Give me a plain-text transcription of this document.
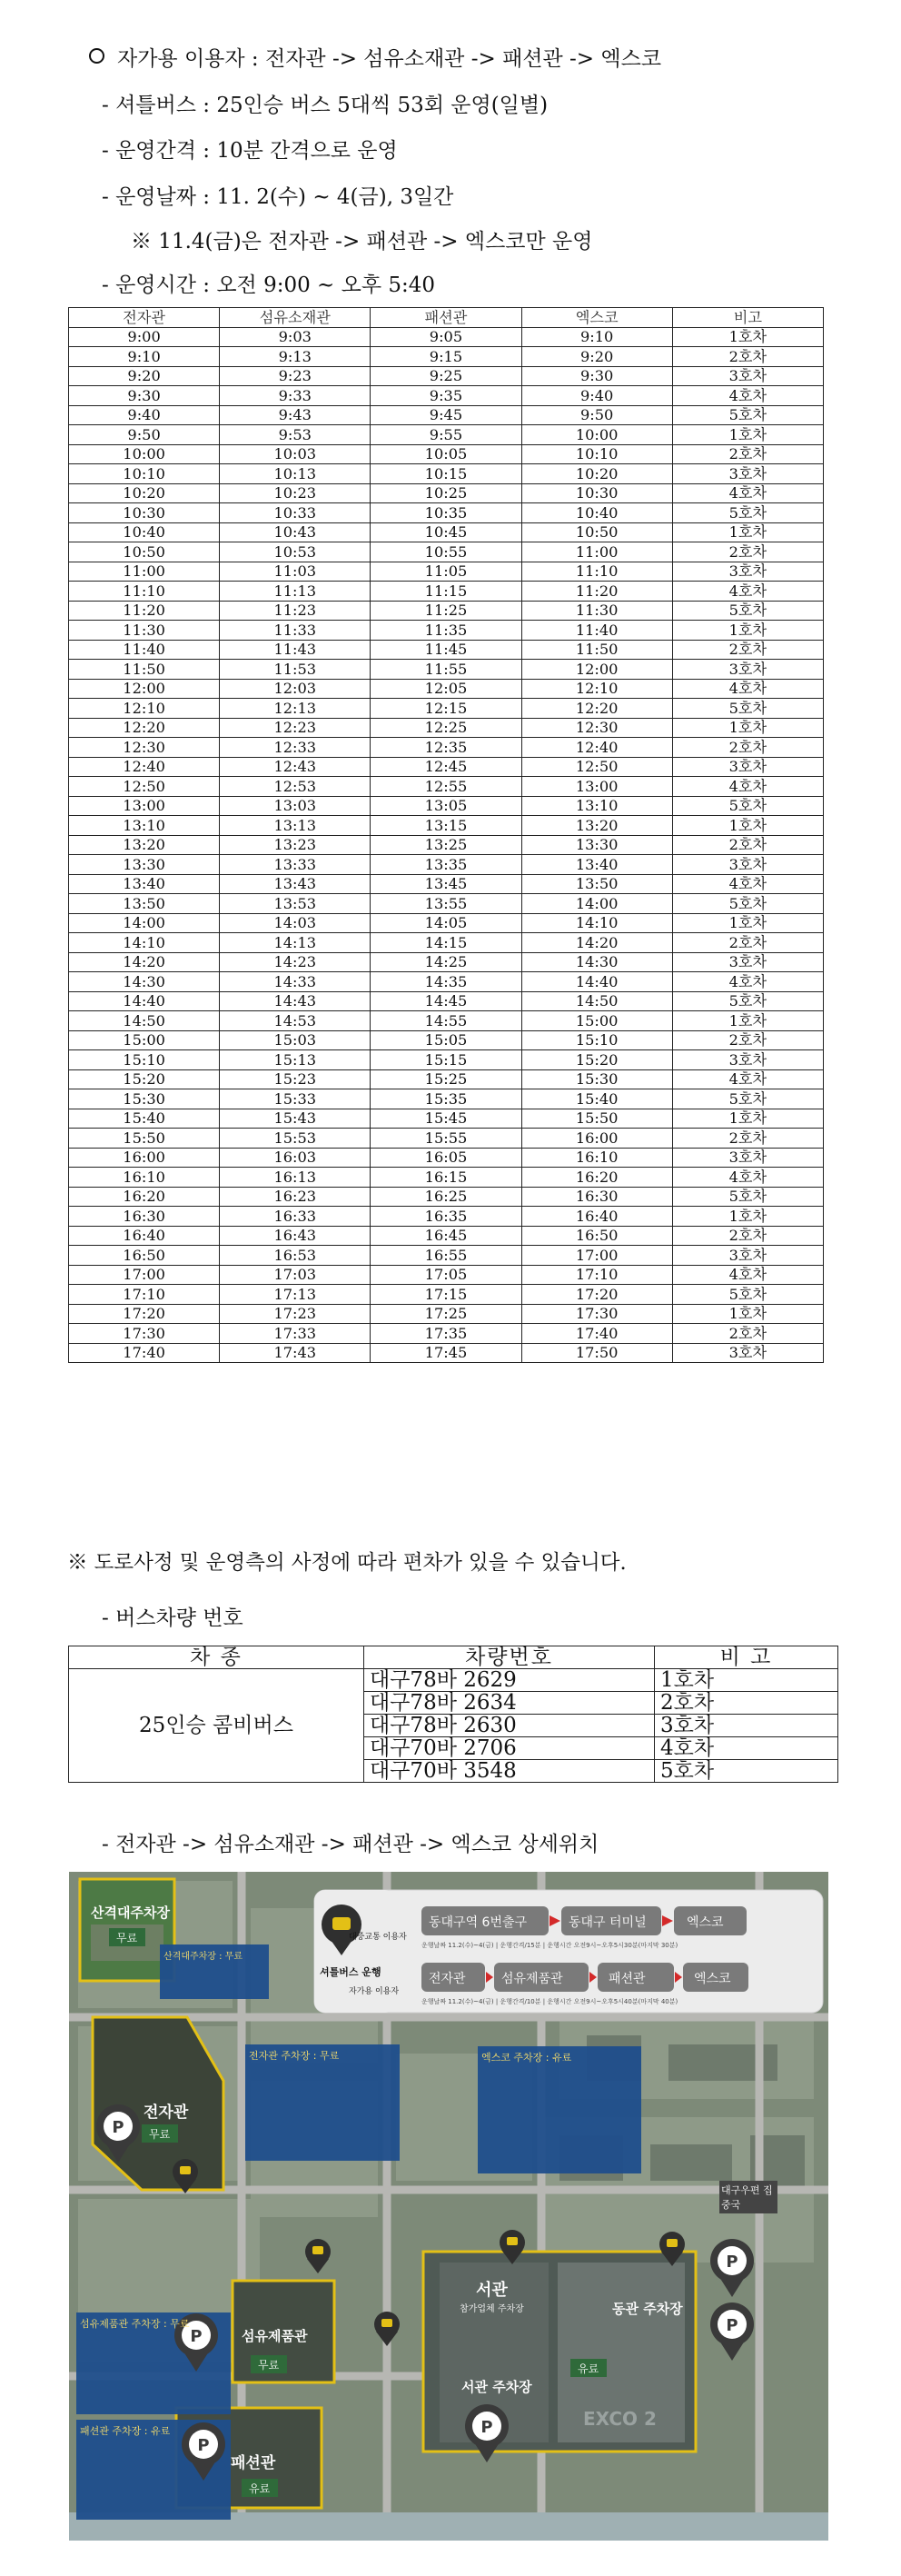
자가용 이용자 : 전자관 -> 섬유소재관 -> 패션관 -> 엑스코
- 셔틀버스 : 25인승 버스 5대씩 53회 운영(일별)
- 운영간격 : 10분 간격으로 운영
- 운영날짜 : 11. 2(수) ~ 4(금), 3일간
※ 11.4(금)은 전자관 -> 패션관 -> 엑스코만 운영
- 운영시간 : 오전 9:00 ~ 오후 5:40
전자관	섬유소재관	패션관	엑스코	비고
9:00	9:03	9:05	9:10	1호차
9:10	9:13	9:15	9:20	2호차
9:20	9:23	9:25	9:30	3호차
9:30	9:33	9:35	9:40	4호차
9:40	9:43	9:45	9:50	5호차
9:50	9:53	9:55	10:00	1호차
10:00	10:03	10:05	10:10	2호차
10:10	10:13	10:15	10:20	3호차
10:20	10:23	10:25	10:30	4호차
10:30	10:33	10:35	10:40	5호차
10:40	10:43	10:45	10:50	1호차
10:50	10:53	10:55	11:00	2호차
11:00	11:03	11:05	11:10	3호차
11:10	11:13	11:15	11:20	4호차
11:20	11:23	11:25	11:30	5호차
11:30	11:33	11:35	11:40	1호차
11:40	11:43	11:45	11:50	2호차
11:50	11:53	11:55	12:00	3호차
12:00	12:03	12:05	12:10	4호차
12:10	12:13	12:15	12:20	5호차
12:20	12:23	12:25	12:30	1호차
12:30	12:33	12:35	12:40	2호차
12:40	12:43	12:45	12:50	3호차
12:50	12:53	12:55	13:00	4호차
13:00	13:03	13:05	13:10	5호차
13:10	13:13	13:15	13:20	1호차
13:20	13:23	13:25	13:30	2호차
13:30	13:33	13:35	13:40	3호차
13:40	13:43	13:45	13:50	4호차
13:50	13:53	13:55	14:00	5호차
14:00	14:03	14:05	14:10	1호차
14:10	14:13	14:15	14:20	2호차
14:20	14:23	14:25	14:30	3호차
14:30	14:33	14:35	14:40	4호차
14:40	14:43	14:45	14:50	5호차
14:50	14:53	14:55	15:00	1호차
15:00	15:03	15:05	15:10	2호차
15:10	15:13	15:15	15:20	3호차
15:20	15:23	15:25	15:30	4호차
15:30	15:33	15:35	15:40	5호차
15:40	15:43	15:45	15:50	1호차
15:50	15:53	15:55	16:00	2호차
16:00	16:03	16:05	16:10	3호차
16:10	16:13	16:15	16:20	4호차
16:20	16:23	16:25	16:30	5호차
16:30	16:33	16:35	16:40	1호차
16:40	16:43	16:45	16:50	2호차
16:50	16:53	16:55	17:00	3호차
17:00	17:03	17:05	17:10	4호차
17:10	17:13	17:15	17:20	5호차
17:20	17:23	17:25	17:30	1호차
17:30	17:33	17:35	17:40	2호차
17:40	17:43	17:45	17:50	3호차
※ 도로사정 및 운영측의 사정에 따라 편차가 있을 수 있습니다.
- 버스차량 번호
차 종	차량번호	비 고
25인승 콤비버스	대구78바 2629	1호차
	대구78바 2634	2호차
	대구78바 2630	3호차
	대구70바 2706	4호차
	대구70바 3548	5호차
- 전자관 -> 섬유소재관 -> 패션관 -> 엑스코 상세위치
P
P
P
P
P
P
셔틀버스 운행
대중교통 이용자
자가용 이용자
동대구역 6번출구	동대구 터미널	엑스코
운행날짜 11.2(수)~4(금) | 운행간격/15분 | 운행시간 오전9시~오후5시30분(마지막 30분)
전자관	섬유제품관	패션관	엑스코
운행날짜 11.2(수)~4(금) | 운행간격/10분 | 운행시간 오전9시~오후5시40분(마지막 40분)
산격대주차장
무료
전자관
무료
섬유제품관
무료
패션관
유료
서관
참가업체 주차장
서관 주차장
유료
동관 주차장
EXCO 2
대구우편 집중국
산격대주차장 : 무료
전자관 주차장 : 무료	엑스코 주차장 : 유료
섬유제품관 주차장 : 무료
패션관 주차장 : 유료
